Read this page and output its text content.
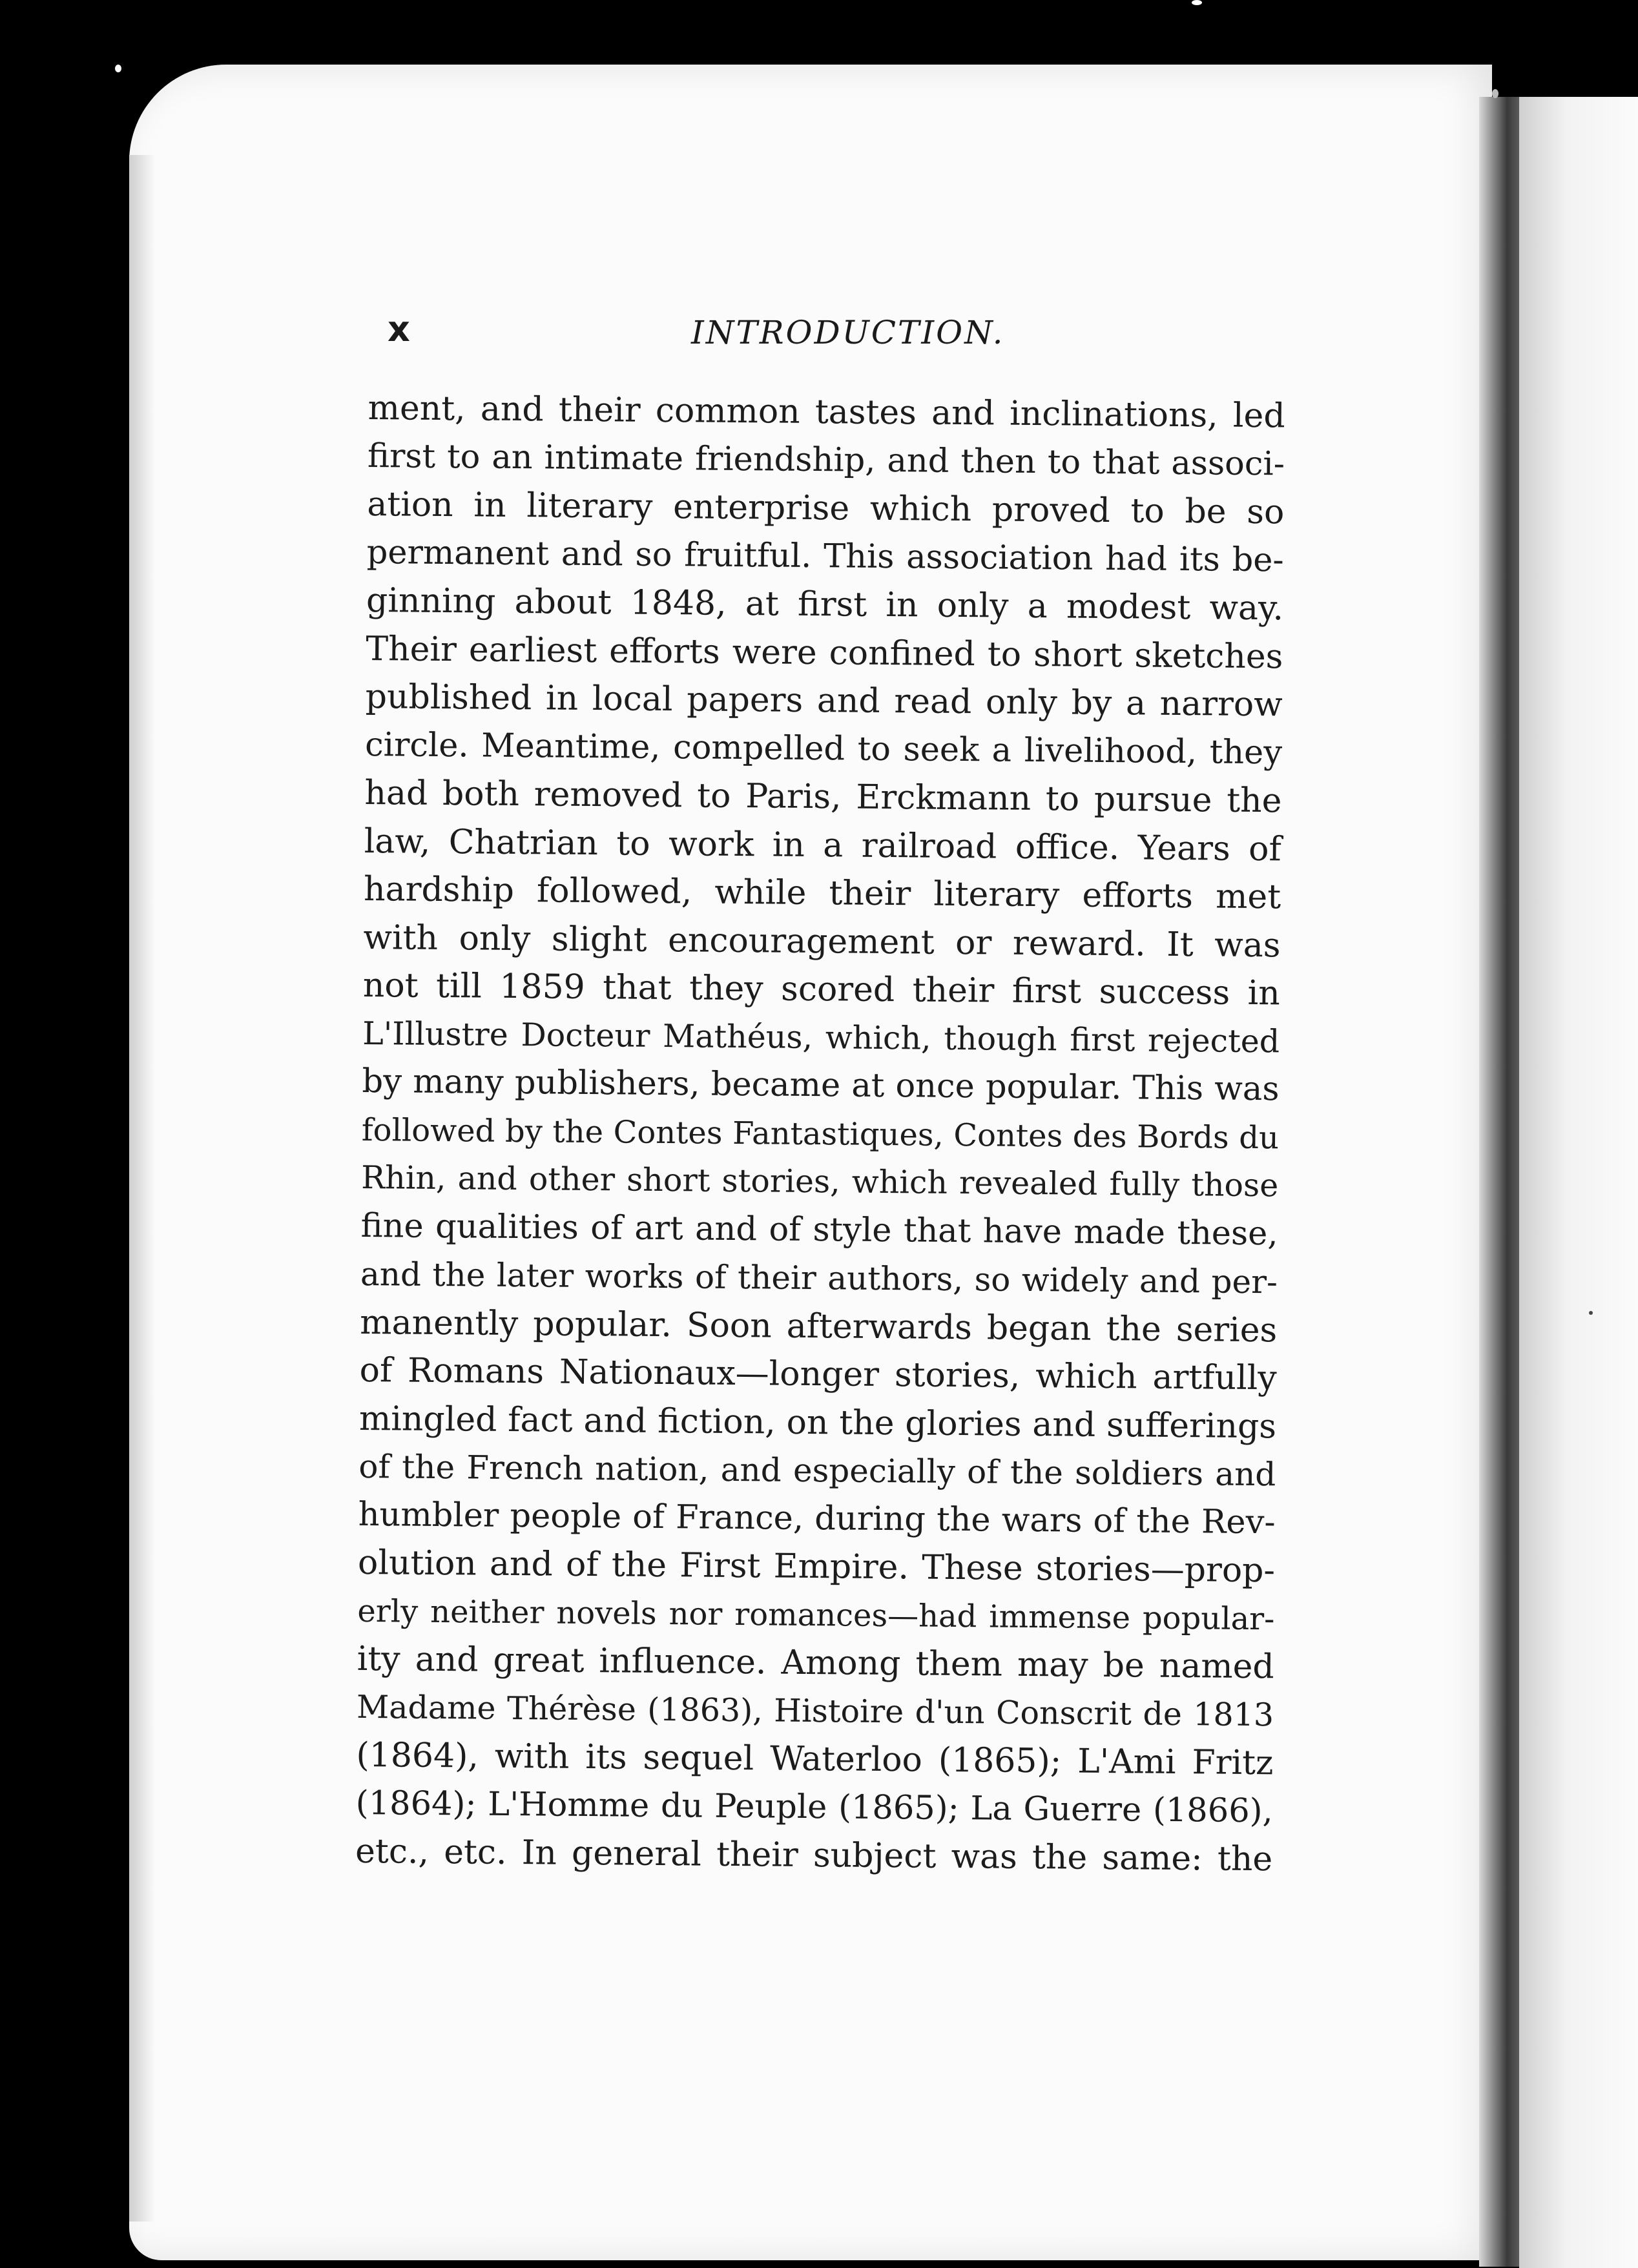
x	INTRODUCTION.
ment, and their common tastes and inclinations, led
first to an intimate friendship, and then to that associ-
ation in literary enterprise which proved to be so
permanent and so fruitful. This association had its be-
ginning about 1848, at first in only a modest way.
Their earliest efforts were confined to short sketches
published in local papers and read only by a narrow
circle. Meantime, compelled to seek a livelihood, they
had both removed to Paris, Erckmann to pursue the
law, Chatrian to work in a railroad office. Years of
hardship followed, while their literary efforts met
with only slight encouragement or reward. It was
not till 1859 that they scored their first success in
L'Illustre Docteur Mathéus, which, though first rejected
by many publishers, became at once popular. This was
followed by the Contes Fantastiques, Contes des Bords du
Rhin, and other short stories, which revealed fully those
fine qualities of art and of style that have made these,
and the later works of their authors, so widely and per-
manently popular. Soon afterwards began the series
of Romans Nationaux—longer stories, which artfully
mingled fact and fiction, on the glories and sufferings
of the French nation, and especially of the soldiers and
humbler people of France, during the wars of the Rev-
olution and of the First Empire. These stories—prop-
erly neither novels nor romances—had immense popular-
ity and great influence. Among them may be named
Madame Thérèse (1863), Histoire d'un Conscrit de 1813
(1864), with its sequel Waterloo (1865); L'Ami Fritz
(1864); L'Homme du Peuple (1865); La Guerre (1866),
etc., etc. In general their subject was the same: the
